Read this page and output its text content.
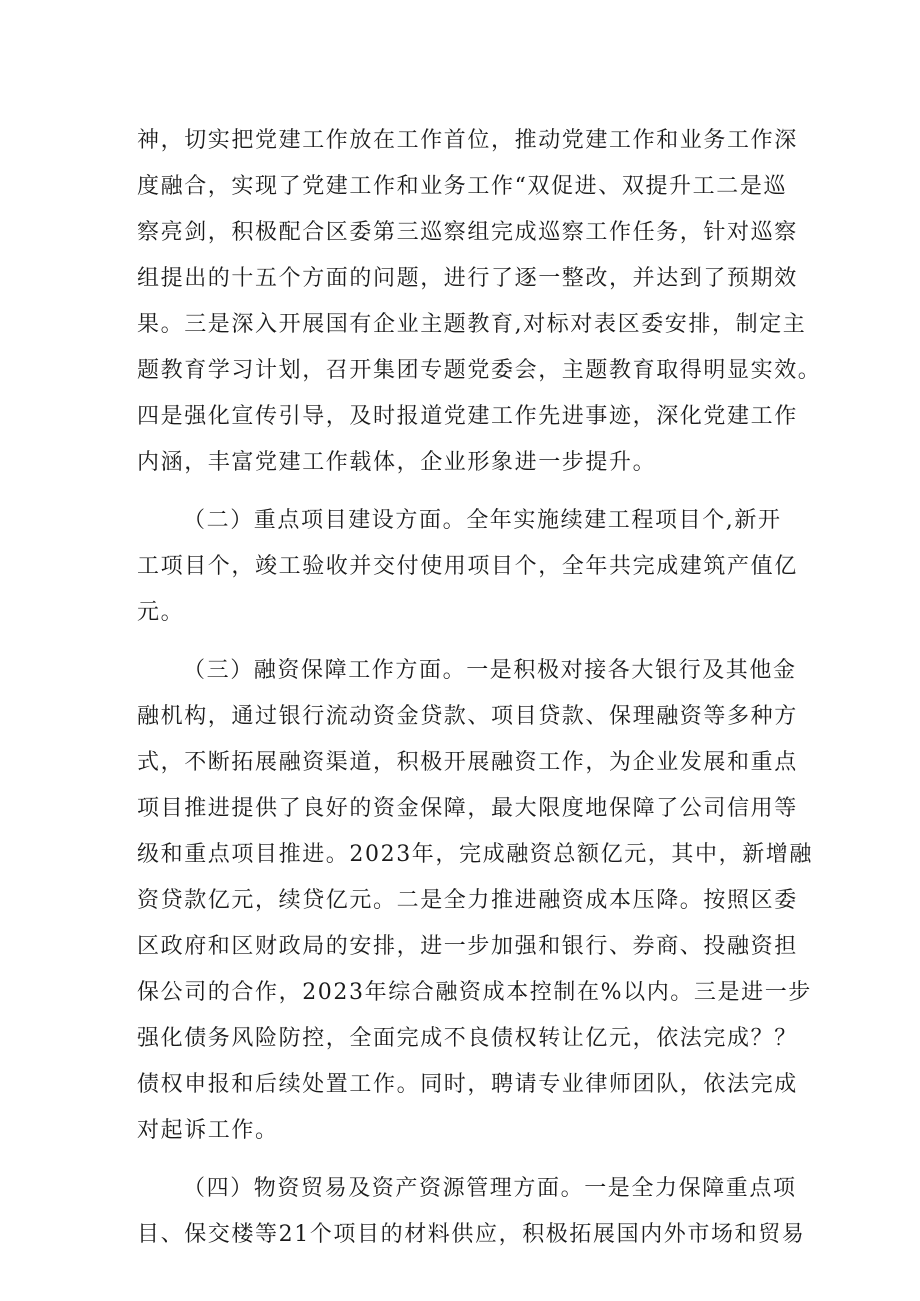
神，切实把党建工作放在工作首位，推动党建工作和业务工作深
度融合，实现了党建工作和业务工作“双促进、双提升工二是巡
察亮剑，积极配合区委第三巡察组完成巡察工作任务，针对巡察
组提出的十五个方面的问题，进行了逐一整改，并达到了预期效
果。三是深入开展国有企业主题教育,对标对表区委安排，制定主
题教育学习计划，召开集团专题党委会，主题教育取得明显实效。
四是强化宣传引导，及时报道党建工作先进事迹，深化党建工作
内涵，丰富党建工作载体，企业形象进一步提升。
（二）重点项目建设方面。全年实施续建工程项目个,新开
工项目个，竣工验收并交付使用项目个，全年共完成建筑产值亿
元。
（三）融资保障工作方面。一是积极对接各大银行及其他金
融机构，通过银行流动资金贷款、项目贷款、保理融资等多种方
式，不断拓展融资渠道，积极开展融资工作，为企业发展和重点
项目推进提供了良好的资金保障，最大限度地保障了公司信用等
级和重点项目推进。2023年，完成融资总额亿元，其中，新增融
资贷款亿元，续贷亿元。二是全力推进融资成本压降。按照区委
区政府和区财政局的安排，进一步加强和银行、券商、投融资担
保公司的合作，2023年综合融资成本控制在%以内。三是进一步
强化债务风险防控，全面完成不良债权转让亿元，依法完成？？
债权申报和后续处置工作。同时，聘请专业律师团队，依法完成
对起诉工作。
（四）物资贸易及资产资源管理方面。一是全力保障重点项
目、保交楼等21个项目的材料供应，积极拓展国内外市场和贸易
